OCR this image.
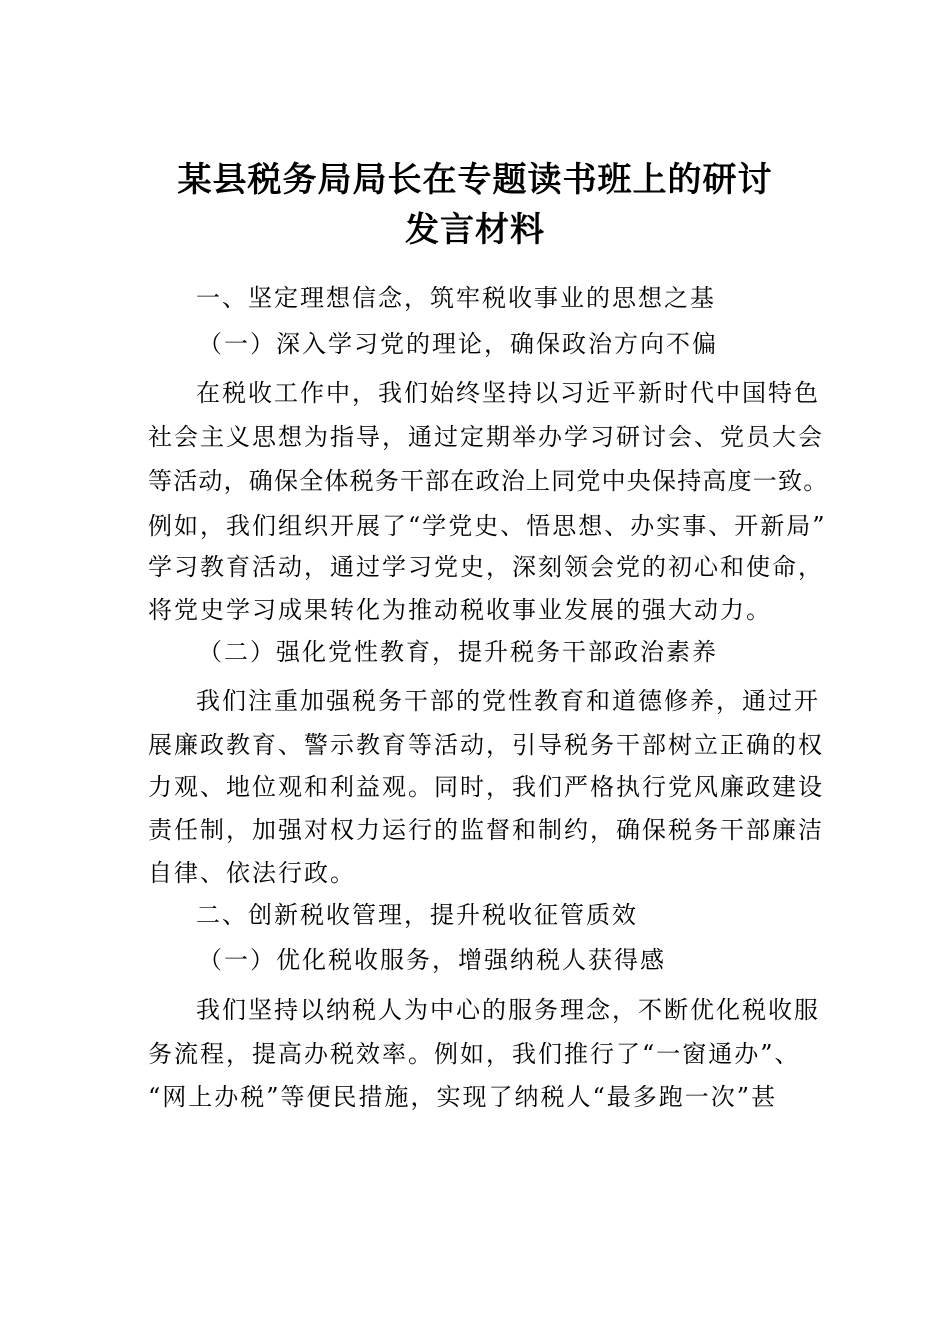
某县税务局局长在专题读书班上的研讨
发言材料
一、坚定理想信念，筑牢税收事业的思想之基
（一）深入学习党的理论，确保政治方向不偏
在税收工作中，我们始终坚持以习近平新时代中国特色
社会主义思想为指导，通过定期举办学习研讨会、党员大会
等活动，确保全体税务干部在政治上同党中央保持高度一致。
例如，我们组织开展了“学党史、悟思想、办实事、开新局”
学习教育活动，通过学习党史，深刻领会党的初心和使命，
将党史学习成果转化为推动税收事业发展的强大动力。
（二）强化党性教育，提升税务干部政治素养
我们注重加强税务干部的党性教育和道德修养，通过开
展廉政教育、警示教育等活动，引导税务干部树立正确的权
力观、地位观和利益观。同时，我们严格执行党风廉政建设
责任制，加强对权力运行的监督和制约，确保税务干部廉洁
自律、依法行政。
二、创新税收管理，提升税收征管质效
（一）优化税收服务，增强纳税人获得感
我们坚持以纳税人为中心的服务理念，不断优化税收服
务流程，提高办税效率。例如，我们推行了“一窗通办”、
“网上办税”等便民措施，实现了纳税人“最多跑一次”甚
